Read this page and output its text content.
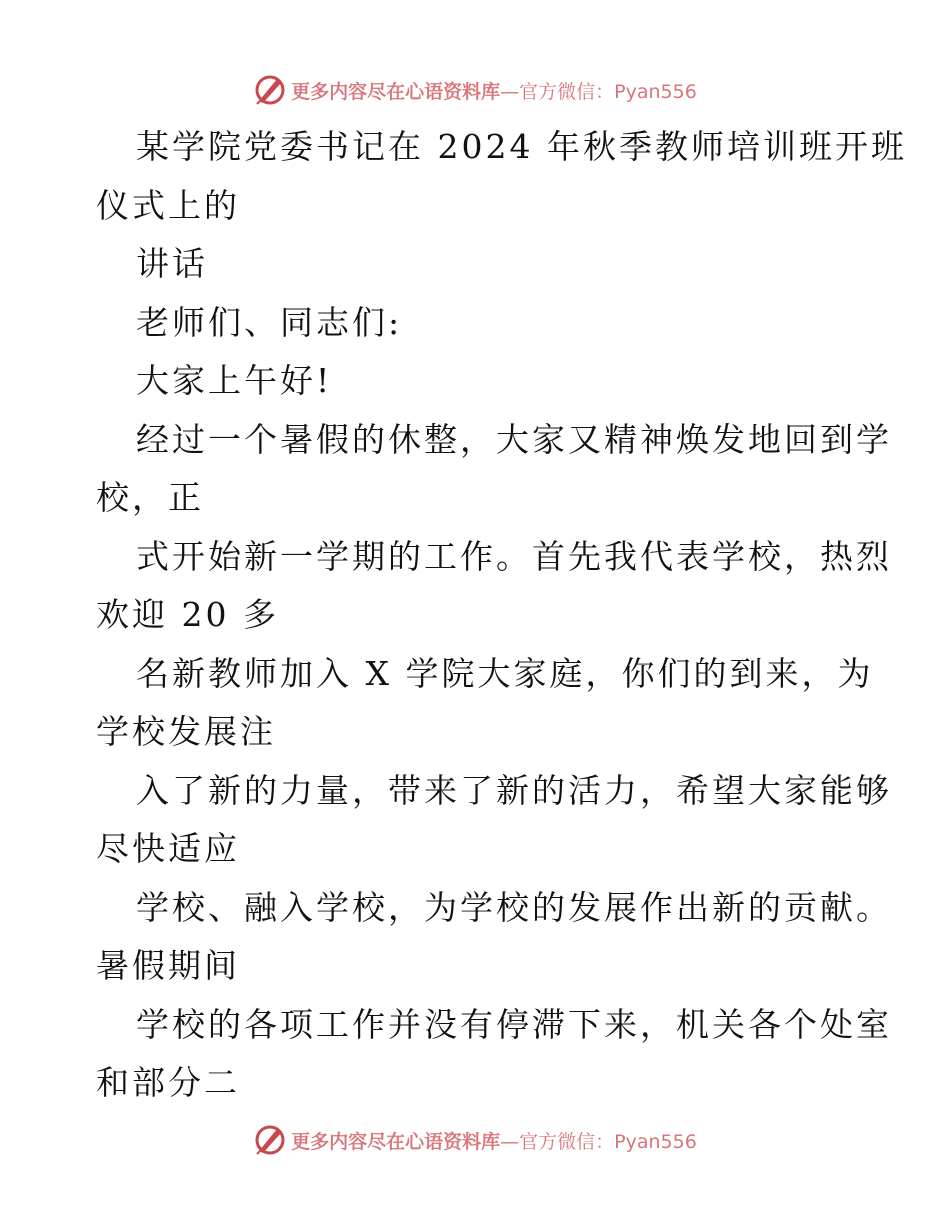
更多内容尽在心语资料库—官方微信：Pyan556
某学院党委书记在 2024 年秋季教师培训班开班
仪式上的
讲话
老师们、同志们:
大家上午好!
经过一个暑假的休整，大家又精神焕发地回到学
校，正
式开始新一学期的工作。首先我代表学校，热烈
欢迎 20 多
名新教师加入 X 学院大家庭，你们的到来，为
学校发展注
入了新的力量，带来了新的活力，希望大家能够
尽快适应
学校、融入学校，为学校的发展作出新的贡献。
暑假期间
学校的各项工作并没有停滞下来，机关各个处室
和部分二
更多内容尽在心语资料库—官方微信：Pyan556
